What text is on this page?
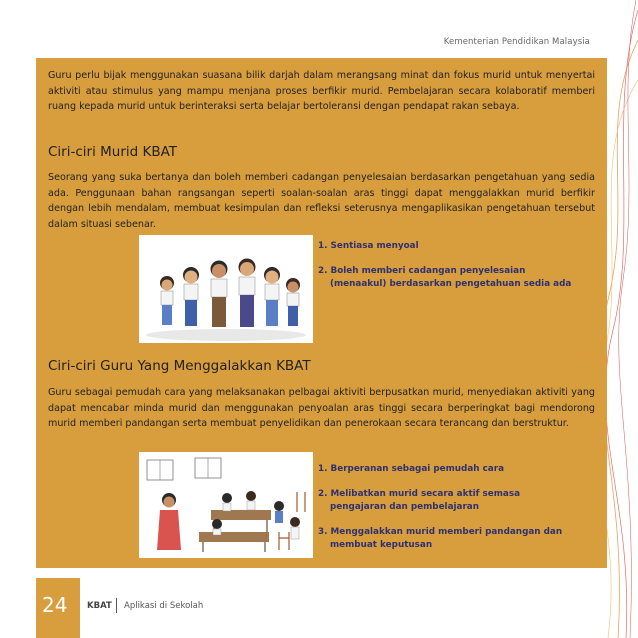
Kementerian Pendidikan Malaysia

Guru perlu bijak menggunakan suasana bilik darjah dalam merangsang minat dan fokus murid untuk menyertai aktiviti atau stimulus yang mampu menjana proses berfikir murid. Pembelajaran secara kolaboratif memberi ruang kepada murid untuk berinteraksi serta belajar bertoleransi dengan pendapat rakan sebaya.

Ciri-ciri Murid KBAT

Seorang yang suka bertanya dan boleh memberi cadangan penyelesaian berdasarkan pengetahuan yang sedia ada. Penggunaan bahan rangsangan seperti soalan-soalan aras tinggi dapat menggalakkan murid berfikir dengan lebih mendalam, membuat kesimpulan dan refleksi seterusnya mengaplikasikan pengetahuan tersebut dalam situasi sebenar.

1. Sentiasa menyoal
2. Boleh memberi cadangan penyelesaian (menaakul) berdasarkan pengetahuan sedia ada
Ciri-ciri Guru Yang Menggalakkan KBAT

Guru sebagai pemudah cara yang melaksanakan pelbagai aktiviti berpusatkan murid, menyediakan aktiviti yang dapat mencabar minda murid dan menggunakan penyoalan aras tinggi secara berperingkat bagi mendorong murid memberi pandangan serta membuat penyelidikan dan penerokaan secara terancang dan berstruktur.

1. Berperanan sebagai pemudah cara
2. Melibatkan murid secara aktif semasa pengajaran dan pembelajaran
3. Menggalakkan murid memberi pandangan dan membuat keputusan
24 KBAT Aplikasi di Sekolah
